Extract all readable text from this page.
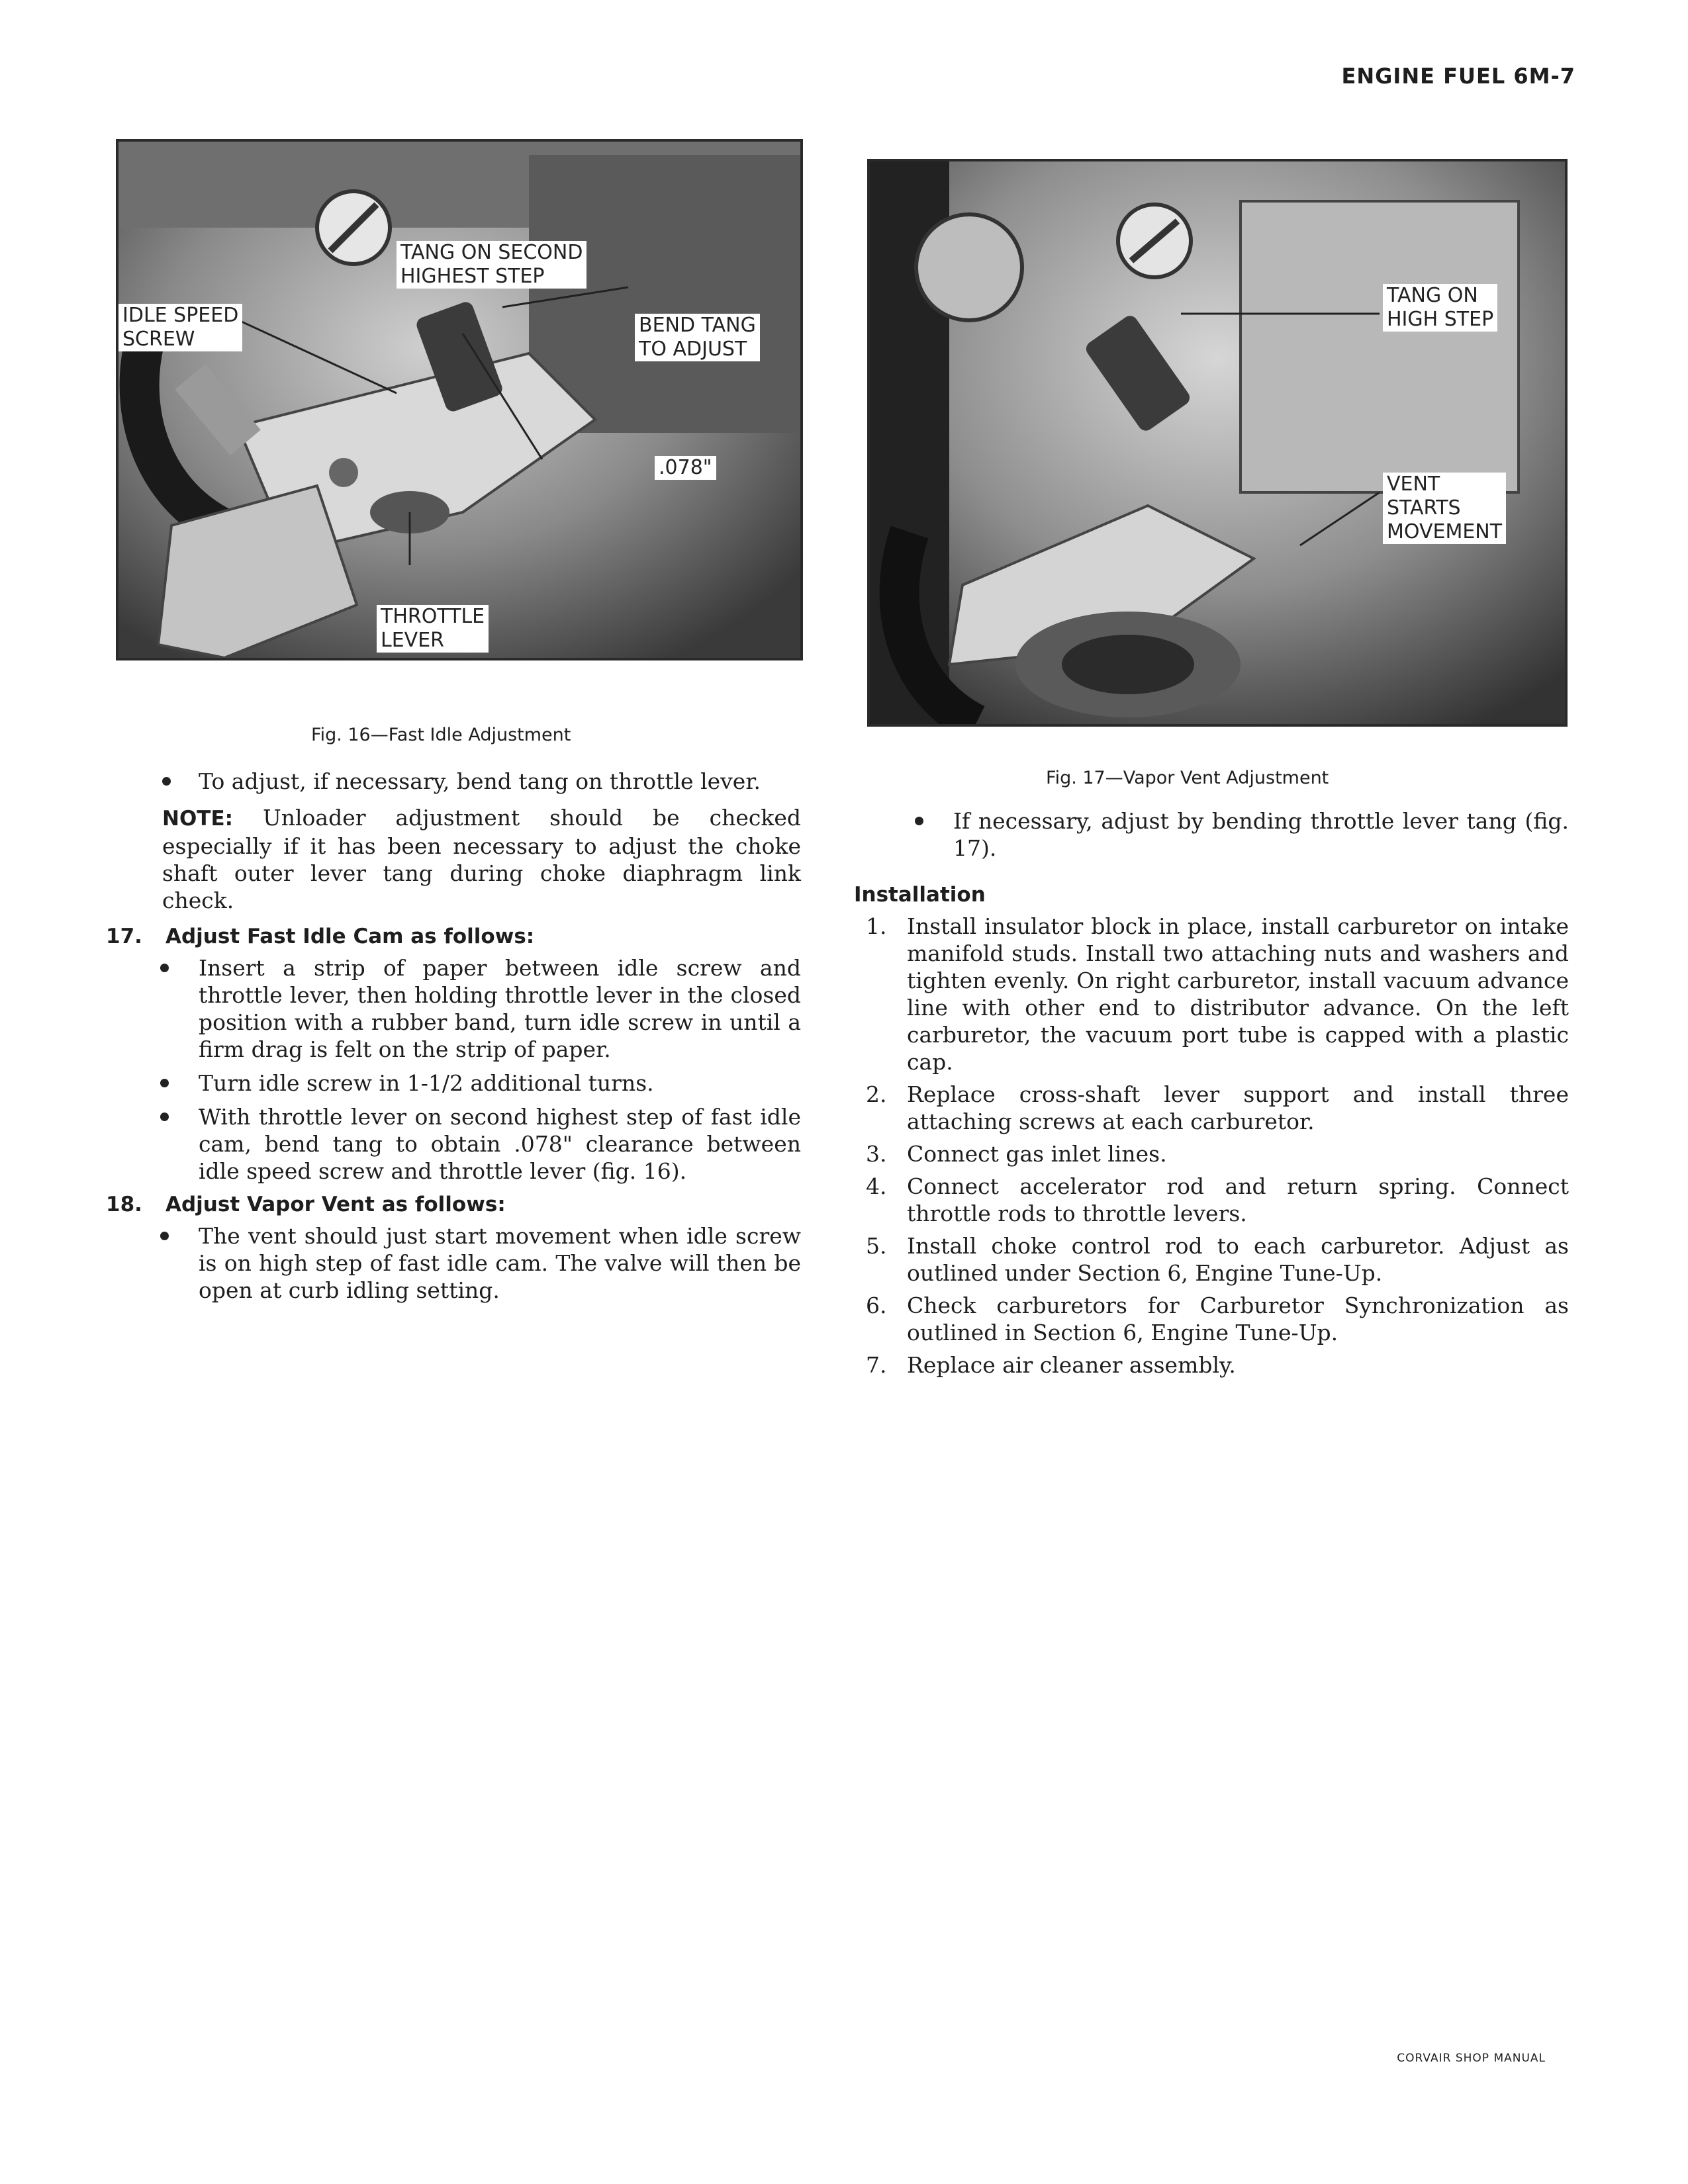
ENGINE FUEL 6M-7
TANG ON SECOND
HIGHEST STEP
IDLE SPEED
SCREW
BEND TANG
TO ADJUST
.078"
THROTTLE
LEVER
Fig. 16—Fast Idle Adjustment
TANG ON
HIGH STEP
VENT
STARTS
MOVEMENT
Fig. 17—Vapor Vent Adjustment
To adjust, if necessary, bend tang on throttle lever.
NOTE: Unloader adjustment should be checked especially if it has been necessary to adjust the choke shaft outer lever tang during choke diaphragm link check.
17. Adjust Fast Idle Cam as follows:
Insert a strip of paper between idle screw and throttle lever, then holding throttle lever in the closed position with a rubber band, turn idle screw in until a firm drag is felt on the strip of paper.
Turn idle screw in 1-1/2 additional turns.
With throttle lever on second highest step of fast idle cam, bend tang to obtain .078" clearance between idle speed screw and throttle lever (fig. 16).
18. Adjust Vapor Vent as follows:
The vent should just start movement when idle screw is on high step of fast idle cam. The valve will then be open at curb idling setting.
If necessary, adjust by bending throttle lever tang (fig. 17).
Installation
1. Install insulator block in place, install carburetor on intake manifold studs. Install two attaching nuts and washers and tighten evenly. On right carburetor, install vacuum advance line with other end to distributor advance. On the left carburetor, the vacuum port tube is capped with a plastic cap.
2. Replace cross-shaft lever support and install three attaching screws at each carburetor.
3. Connect gas inlet lines.
4. Connect accelerator rod and return spring. Connect throttle rods to throttle levers.
5. Install choke control rod to each carburetor. Adjust as outlined under Section 6, Engine Tune-Up.
6. Check carburetors for Carburetor Synchronization as outlined in Section 6, Engine Tune-Up.
7. Replace air cleaner assembly.
CORVAIR SHOP MANUAL
